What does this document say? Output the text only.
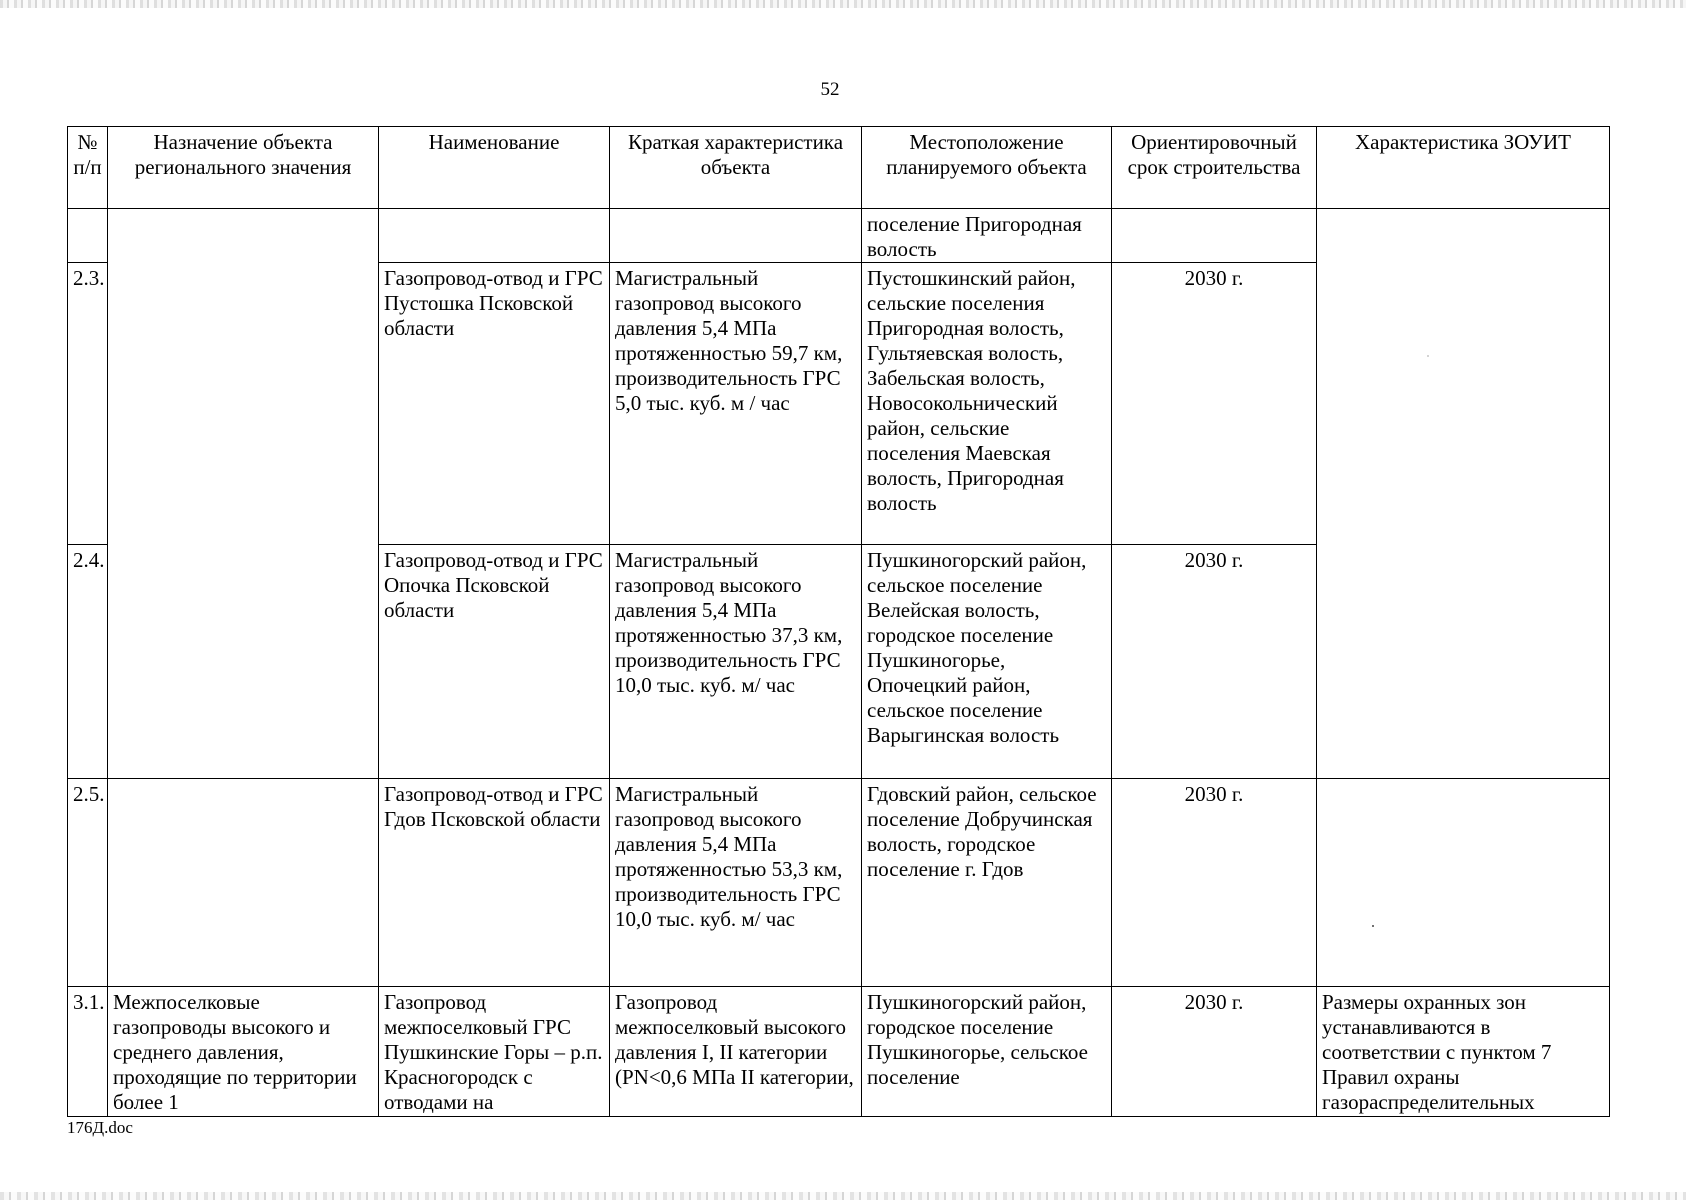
52
№ п/п	Назначение объекта регионального значения	Наименование	Краткая характеристика объекта	Местоположение планируемого объекта	Ориентировочный срок строительства	Характеристика ЗОУИТ
				поселение Пригородная волость		
2.3.		Газопровод-отвод и ГРС Пустошка Псковской области	Магистральный газопровод высокого давления 5,4 МПа протяженностью 59,7 км, производительность ГРС 5,0 тыс. куб. м / час	Пустошкинский район, сельские поселения Пригородная волость, Гультяевская волость, Забельская волость, Новосокольнический район, сельские поселения Маевская волость, Пригородная волость	2030 г.	
2.4.		Газопровод-отвод и ГРС Опочка Псковской области	Магистральный газопровод высокого давления 5,4 МПа протяженностью 37,3 км, производительность ГРС 10,0 тыс. куб. м/ час	Пушкиногорский район, сельское поселение Велейская волость, городское поселение Пушкиногорье, Опочецкий район, сельское поселение Варыгинская волость	2030 г.	
2.5.		Газопровод-отвод и ГРС Гдов Псковской области	Магистральный газопровод высокого давления 5,4 МПа протяженностью 53,3 км, производительность ГРС 10,0 тыс. куб. м/ час	Гдовский район, сельское поселение Добручинская волость, городское поселение г. Гдов	2030 г.	
3.1.	Межпоселковые газопроводы высокого и среднего давления, проходящие по территории более 1	Газопровод межпоселковый ГРС Пушкинские Горы – р.п. Красногородск с отводами на	Газопровод межпоселковый высокого давления I, II категории (PN<0,6 МПа II категории,	Пушкиногорский район, городское поселение Пушкиногорье, сельское поселение	2030 г.	Размеры охранных зон устанавливаются в соответствии с пунктом 7 Правил охраны газораспределительных
176Д.doc
